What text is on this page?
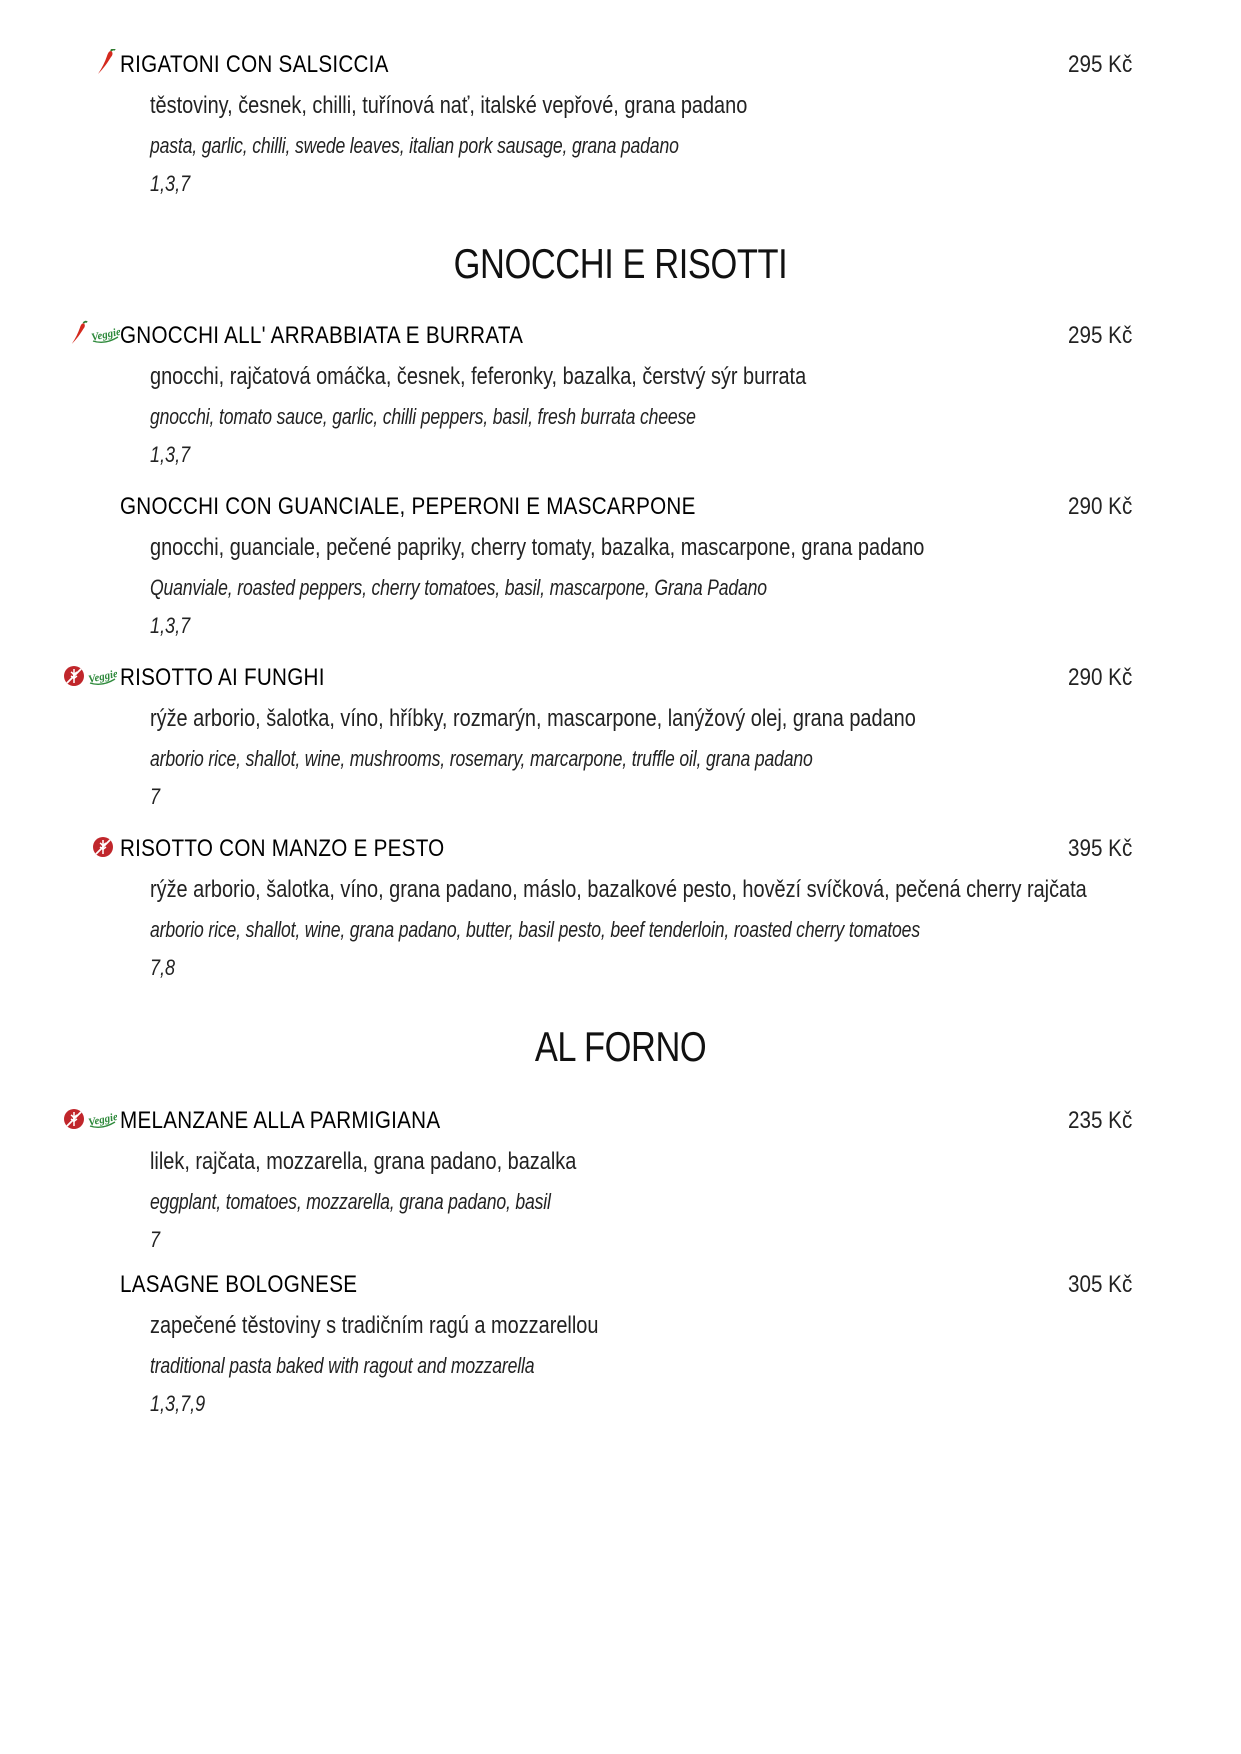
RIGATONI CON SALSICCIA	295 Kč
těstoviny, česnek, chilli, tuřínová nať, italské vepřové, grana padano
pasta, garlic, chilli, swede leaves, italian pork sausage, grana padano
1,3,7
GNOCCHI E RISOTTI
Veggie
GNOCCHI ALL' ARRABBIATA E BURRATA	295 Kč
gnocchi, rajčatová omáčka, česnek, feferonky, bazalka, čerstvý sýr burrata
gnocchi, tomato sauce, garlic, chilli peppers, basil, fresh burrata cheese
1,3,7
GNOCCHI CON GUANCIALE, PEPERONI E MASCARPONE	290 Kč
gnocchi, guanciale, pečené papriky, cherry tomaty, bazalka, mascarpone, grana padano
Quanviale, roasted peppers, cherry tomatoes, basil, mascarpone, Grana Padano
1,3,7
Veggie RISOTTO AI FUNGHI	290 Kč
rýže arborio, šalotka, víno, hříbky, rozmarýn, mascarpone, lanýžový olej, grana padano
arborio rice, shallot, wine, mushrooms, rosemary, marcarpone, truffle oil, grana padano
7
RISOTTO CON MANZO E PESTO	395 Kč
rýže arborio, šalotka, víno, grana padano, máslo, bazalkové pesto, hovězí svíčková, pečená cherry rajčata
arborio rice, shallot, wine, grana padano, butter, basil pesto, beef tenderloin, roasted cherry tomatoes
7,8
AL FORNO
Veggie MELANZANE ALLA PARMIGIANA	235 Kč
lilek, rajčata, mozzarella, grana padano, bazalka
eggplant, tomatoes, mozzarella, grana padano, basil
7
LASAGNE BOLOGNESE	305 Kč
zapečené těstoviny s tradičním ragú a mozzarellou
traditional pasta baked with ragout and mozzarella
1,3,7,9
